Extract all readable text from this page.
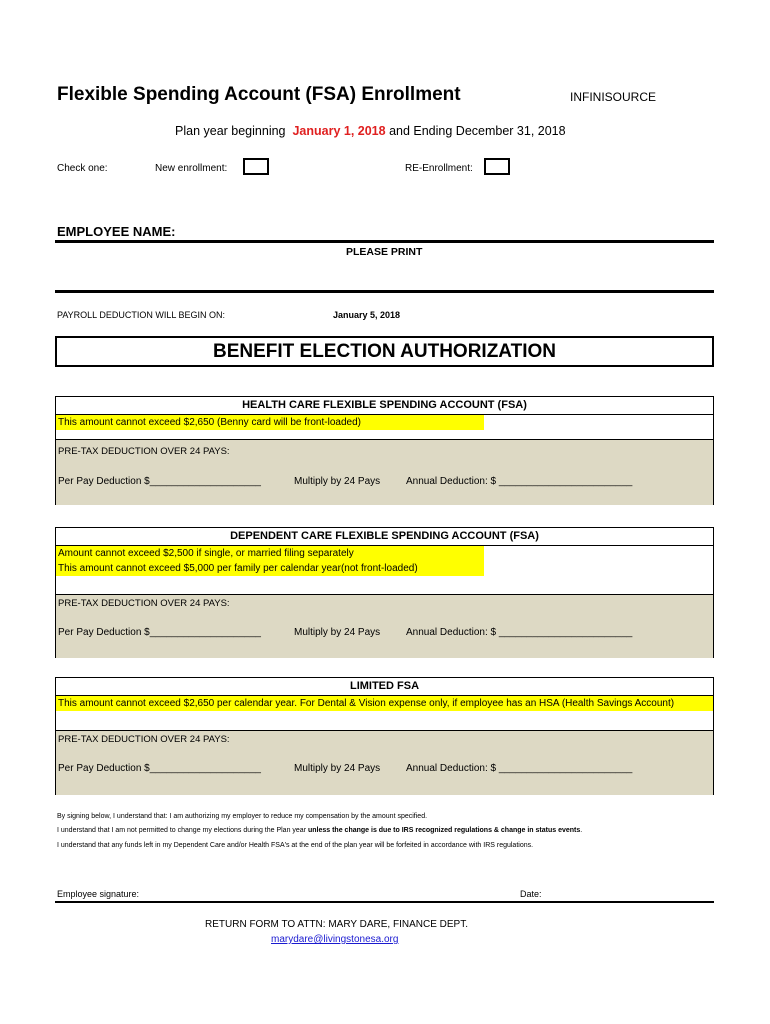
Flexible Spending Account (FSA) Enrollment	INFINISOURCE
Plan year beginning January 1, 2018 and Ending December 31, 2018
Check one:	New enrollment:	RE-Enrollment:
EMPLOYEE NAME:
PLEASE PRINT
PAYROLL DEDUCTION WILL BEGIN ON:	January 5, 2018
BENEFIT ELECTION AUTHORIZATION
HEALTH CARE FLEXIBLE SPENDING ACCOUNT (FSA)
This amount cannot exceed $2,650 (Benny card will be front-loaded)
PRE-TAX DEDUCTION OVER 24 PAYS:
Per Pay Deduction $____________________	Multiply by 24 Pays	Annual Deduction: $ ________________________
DEPENDENT CARE FLEXIBLE SPENDING ACCOUNT (FSA)
Amount cannot exceed $2,500 if single, or married filing separately
This amount cannot exceed $5,000 per family per calendar year(not front-loaded)
PRE-TAX DEDUCTION OVER 24 PAYS:
Per Pay Deduction $____________________	Multiply by 24 Pays	Annual Deduction: $ ________________________
LIMITED FSA
This amount cannot exceed $2,650 per calendar year. For Dental & Vision expense only, if employee has an HSA (Health Savings Account)
PRE-TAX DEDUCTION OVER 24 PAYS:
Per Pay Deduction $____________________	Multiply by 24 Pays	Annual Deduction: $ ________________________
By signing below, I understand that: I am authorizing my employer to reduce my compensation by the amount specified.
I understand that I am not permitted to change my elections during the Plan year unless the change is due to IRS recognized regulations & change in status events.
I understand that any funds left in my Dependent Care and/or Health FSA's at the end of the plan year will be forfeited in accordance with IRS regulations.
Employee signature:	Date:
RETURN FORM TO ATTN: MARY DARE, FINANCE DEPT.
marydare@livingstonesa.org
